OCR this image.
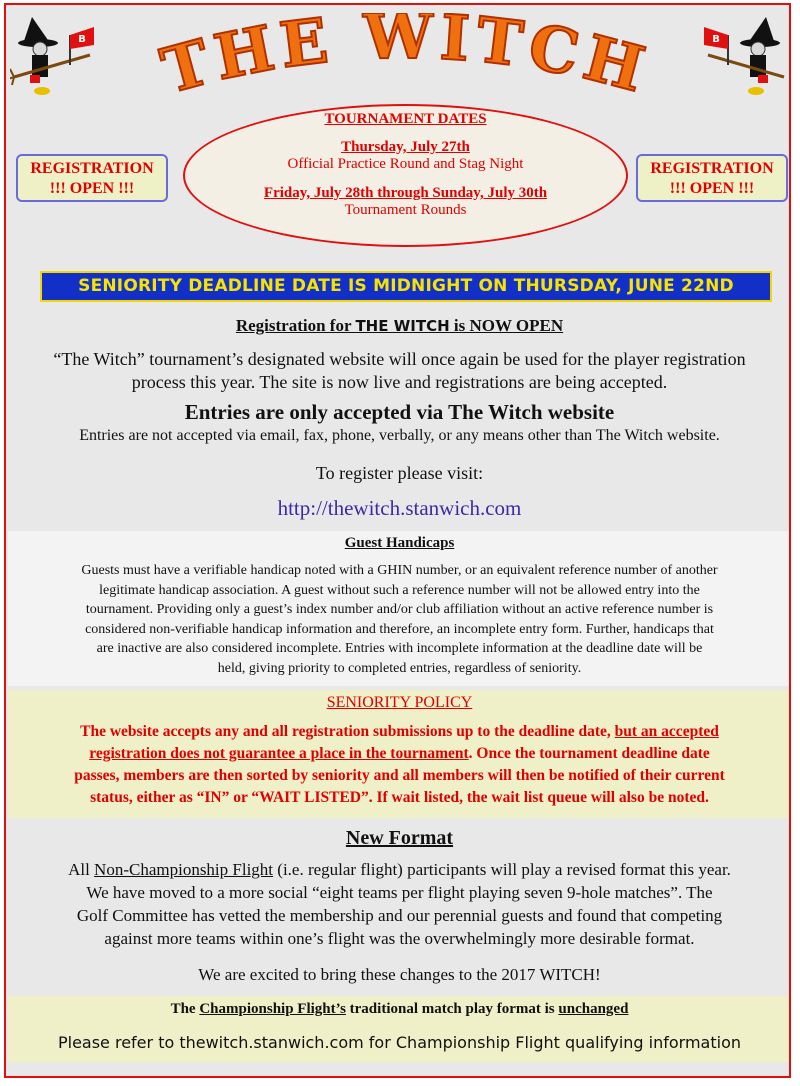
B	B
THE WITCH
REGISTRATION
!!! OPEN !!!
REGISTRATION
!!! OPEN !!!
TOURNAMENT DATES
Thursday, July 27th
Official Practice Round and Stag Night
Friday, July 28th through Sunday, July 30th
Tournament Rounds
SENIORITY DEADLINE DATE IS MIDNIGHT ON THURSDAY, JUNE 22ND
Registration for THE WITCH is NOW OPEN
“The Witch” tournament’s designated website will once again be used for the player registration
process this year. The site is now live and registrations are being accepted.
Entries are only accepted via The Witch website
Entries are not accepted via email, fax, phone, verbally, or any means other than The Witch website.
To register please visit:
http://thewitch.stanwich.com
Guest Handicaps
Guests must have a verifiable handicap noted with a GHIN number, or an equivalent reference number of another
legitimate handicap association. A guest without such a reference number will not be allowed entry into the
tournament. Providing only a guest’s index number and/or club affiliation without an active reference number is
considered non-verifiable handicap information and therefore, an incomplete entry form. Further, handicaps that
are inactive are also considered incomplete. Entries with incomplete information at the deadline date will be
held, giving priority to completed entries, regardless of seniority.
SENIORITY POLICY
The website accepts any and all registration submissions up to the deadline date, but an accepted
registration does not guarantee a place in the tournament. Once the tournament deadline date
passes, members are then sorted by seniority and all members will then be notified of their current
status, either as “IN” or “WAIT LISTED”. If wait listed, the wait list queue will also be noted.
New Format
All Non-Championship Flight (i.e. regular flight) participants will play a revised format this year.
We have moved to a more social “eight teams per flight playing seven 9-hole matches”. The
Golf Committee has vetted the membership and our perennial guests and found that competing
against more teams within one’s flight was the overwhelmingly more desirable format.
We are excited to bring these changes to the 2017 WITCH!
The Championship Flight’s traditional match play format is unchanged
Please refer to thewitch.stanwich.com for Championship Flight qualifying information
